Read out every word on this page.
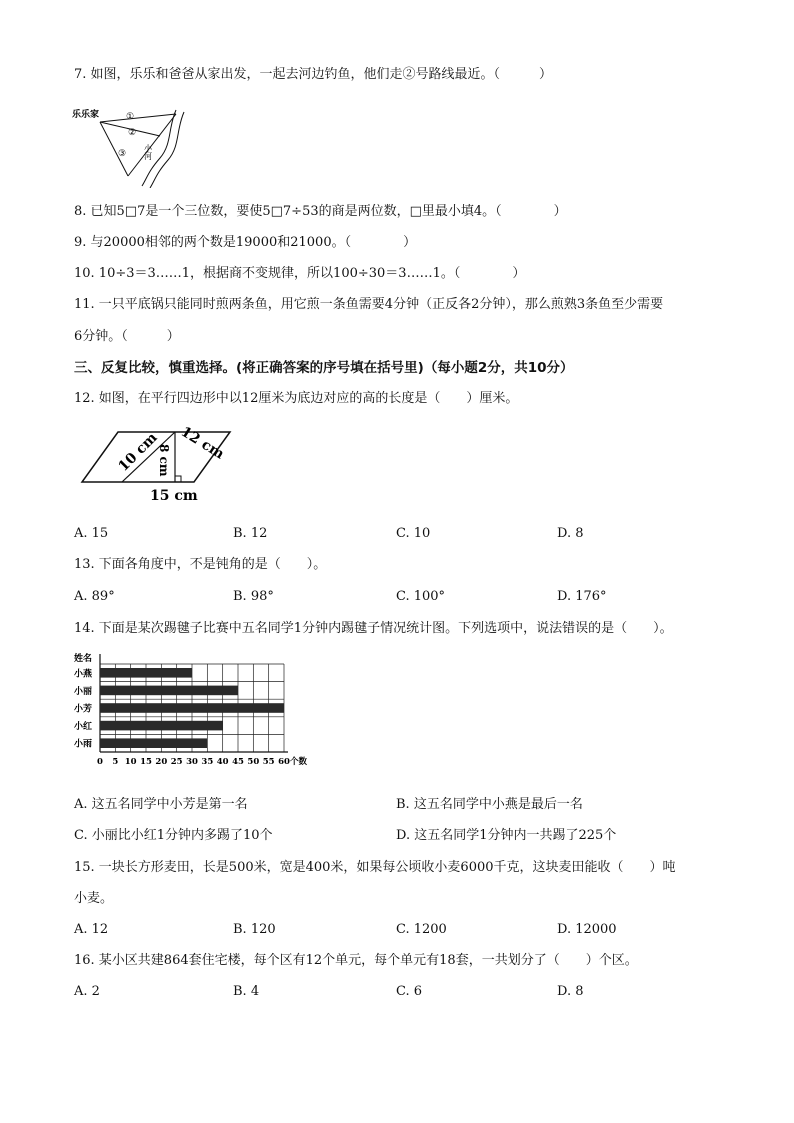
7. 如图，乐乐和爸爸从家出发，一起去河边钓鱼，他们走②号路线最近。（　　　）
乐乐家	①
②
③ 小河
8. 已知5□7是一个三位数，要使5□7÷53的商是两位数，□里最小填4。（　　　　）
9. 与20000相邻的两个数是19000和21000。（　　　　）
10. 10÷3＝3……1，根据商不变规律，所以100÷30＝3……1。（　　　　）
11. 一只平底锅只能同时煎两条鱼，用它煎一条鱼需要4分钟（正反各2分钟），那么煎熟3条鱼至少需要
6分钟。（　　　）
三、反复比较，慎重选择。(将正确答案的序号填在括号里)（每小题2分，共10分）
12. 如图，在平行四边形中以12厘米为底边对应的高的长度是（　　）厘米。
10 cm 12 cm
8 cm
15 cm
A. 15	B. 12	C. 10	D. 8
13. 下面各角度中，不是钝角的是（　　）。
A. 89°	B. 98°	C. 100°	D. 176°
14. 下面是某次踢毽子比赛中五名同学1分钟内踢毽子情况统计图。下列选项中，说法错误的是（　　）。
姓名
小燕
小丽
小芳
小红
小雨
0 5 10 15 20 25 30 35 40 45 50 55 60 个数
A. 这五名同学中小芳是第一名	B. 这五名同学中小燕是最后一名
C. 小丽比小红1分钟内多踢了10个	D. 这五名同学1分钟内一共踢了225个
15. 一块长方形麦田，长是500米，宽是400米，如果每公顷收小麦6000千克，这块麦田能收（　　）吨
小麦。
A. 12	B. 120	C. 1200	D. 12000
16. 某小区共建864套住宅楼，每个区有12个单元，每个单元有18套，一共划分了（　　）个区。
A. 2	B. 4	C. 6	D. 8
